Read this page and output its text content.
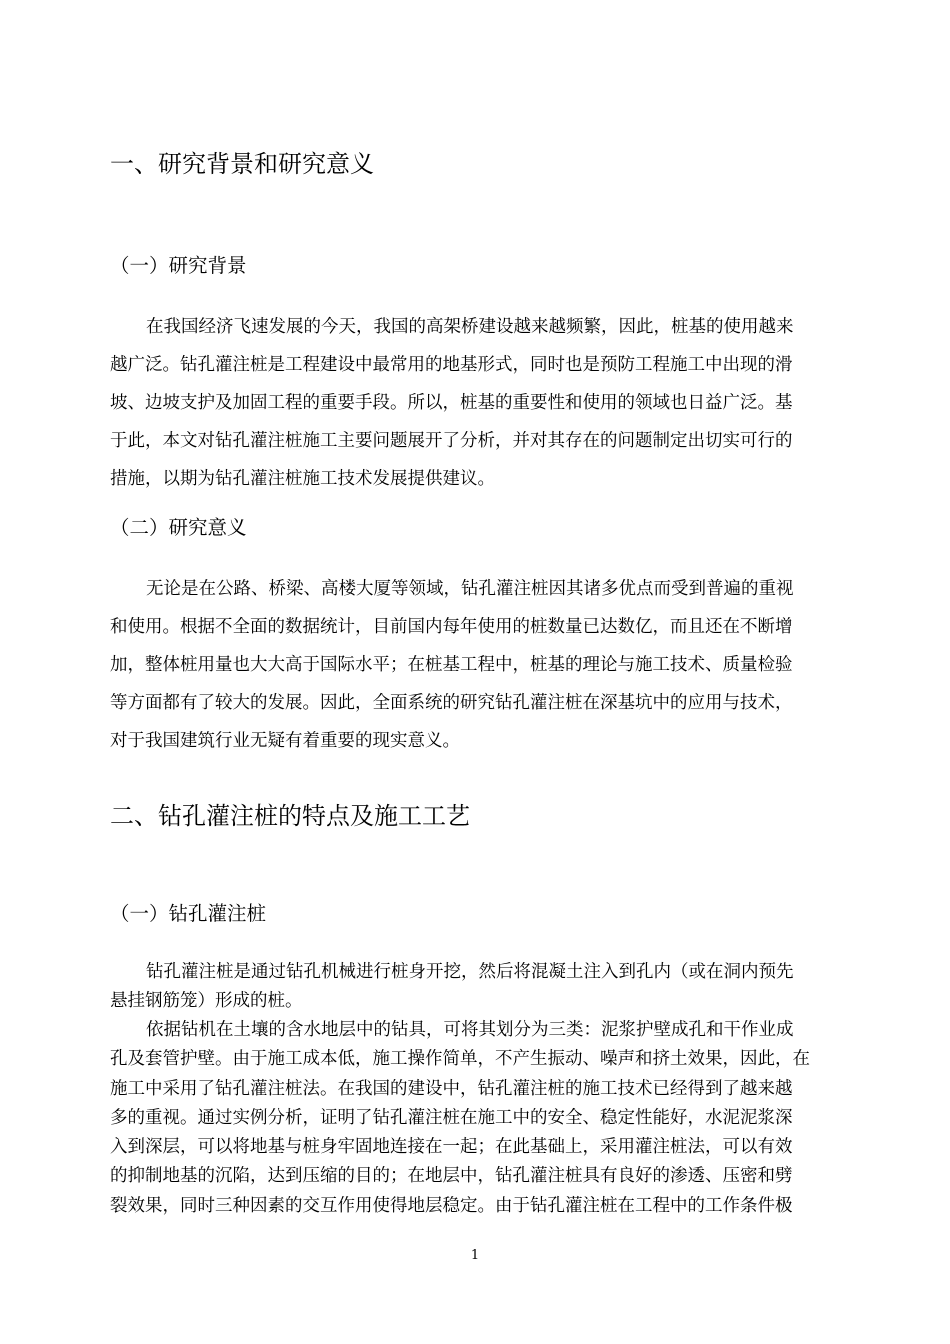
一、研究背景和研究意义
（一）研究背景
在我国经济飞速发展的今天，我国的高架桥建设越来越频繁，因此，桩基的使用越来
越广泛。钻孔灌注桩是工程建设中最常用的地基形式，同时也是预防工程施工中出现的滑
坡、边坡支护及加固工程的重要手段。所以，桩基的重要性和使用的领域也日益广泛。基
于此，本文对钻孔灌注桩施工主要问题展开了分析，并对其存在的问题制定出切实可行的
措施，以期为钻孔灌注桩施工技术发展提供建议。
（二）研究意义
无论是在公路、桥梁、高楼大厦等领域，钻孔灌注桩因其诸多优点而受到普遍的重视
和使用。根据不全面的数据统计，目前国内每年使用的桩数量已达数亿，而且还在不断增
加，整体桩用量也大大高于国际水平；在桩基工程中，桩基的理论与施工技术、质量检验
等方面都有了较大的发展。因此，全面系统的研究钻孔灌注桩在深基坑中的应用与技术，
对于我国建筑行业无疑有着重要的现实意义。
二、钻孔灌注桩的特点及施工工艺
（一）钻孔灌注桩
钻孔灌注桩是通过钻孔机械进行桩身开挖，然后将混凝土注入到孔内（或在洞内预先
悬挂钢筋笼）形成的桩。
依据钻机在土壤的含水地层中的钻具，可将其划分为三类：泥浆护壁成孔和干作业成
孔及套管护壁。由于施工成本低，施工操作简单，不产生振动、噪声和挤土效果，因此，在
施工中采用了钻孔灌注桩法。在我国的建设中，钻孔灌注桩的施工技术已经得到了越来越
多的重视。通过实例分析，证明了钻孔灌注桩在施工中的安全、稳定性能好，水泥泥浆深
入到深层，可以将地基与桩身牢固地连接在一起；在此基础上，采用灌注桩法，可以有效
的抑制地基的沉陷，达到压缩的目的；在地层中，钻孔灌注桩具有良好的渗透、压密和劈
裂效果，同时三种因素的交互作用使得地层稳定。由于钻孔灌注桩在工程中的工作条件极
1
